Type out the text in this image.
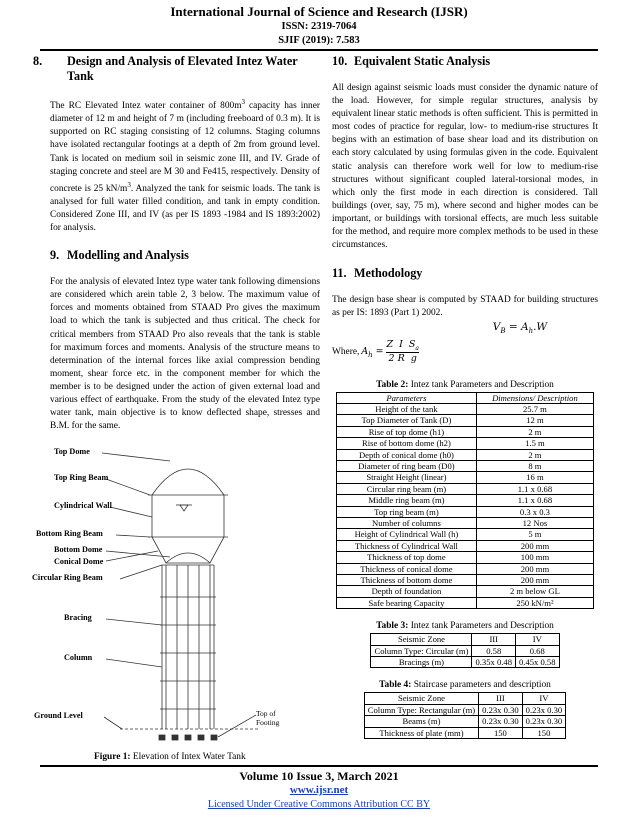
International Journal of Science and Research (IJSR)
ISSN: 2319-7064
SJIF (2019): 7.583
8. Design and Analysis of Elevated Intez Water Tank

The RC Elevated Intez water container of $800m^3$ capacity has inner diameter of 12 m and height of 7 m (including freeboard of 0.3 m). It is supported on RC staging consisting of 12 columns. Staging columns have isolated rectangular footings at a depth of 2m from ground level. Tank is located on medium soil in seismic zone III, and IV. Grade of staging concrete and steel are M 30 and Fe415, respectively. Density of concrete is 25 $kN/m^3$. Analyzed the tank for seismic loads. The tank is analysed for full water filled condition, and tank in empty condition. Considered Zone III, and IV (as per IS 1893 -1984 and IS 1893:2002) for analysis.

9. Modelling and Analysis

For the analysis of elevated Intez type water tank following dimensions are considered which arein table 2, 3 below. The maximum value of forces and moments obtained from STAAD Pro gives the maximum load to which the tank is subjected and thus critical. The check for critical members from STAAD Pro also reveals that the tank is stable for maximum forces and moments. Analysis of the structure means to determination of the internal forces like axial compression bending moment, shear force etc. in the component member for which the member is to be designed under the action of given external load and various effect of earthquake. From the study of the elevated Intez type water tank, main objective is to know deflected shape, stresses and B.M. for the same.

Top Dome
Top Ring Beam
Cylindrical Wall
Bottom Ring Beam
Bottom Dome
Conical Dome
Circular Ring Beam
Bracing
Column
Ground Level	Top of Footing
Figure 1: Elevation of Intex Water Tank
10. Equivalent Static Analysis

All design against seismic loads must consider the dynamic nature of the load. However, for simple regular structures, analysis by equivalent linear static methods is often sufficient. This is permitted in most codes of practice for regular, low- to medium-rise structures It begins with an estimation of base shear load and its distribution on each story calculated by using formulas given in the code. Equivalent static analysis can therefore work well for low to medium-rise structures without significant coupled lateral-torsional modes, in which only the first mode in each direction is considered. Tall buildings (over, say, 75 m), where second and higher modes can be important, or buildings with torsional effects, are much less suitable for the method, and require more complex methods to be used in these circumstances.

11. Methodology

The design base shear is computed by STAAD for building structures as per IS: 1893 (Part 1) 2002.

$V_B = A_h.W$
Where, $A_h = \frac{Z I S_a}{\text{2 R  g}}$

Table 2: Intez tank Parameters and Description

Parameters	Dimensions/ Description
Height of the tank	25.7 m
Top Diameter of Tank (D)	12 m
Rise of top dome (h1)	2 m
Rise of bottom dome (h2)	1.5 m
Depth of conical dome (h0)	2 m
Diameter of ring beam (D0)	8 m
Straight Height (linear)	16 m
Circular ring beam (m)	1.1 x 0.68
Middle ring beam (m)	1.1 x 0.68
Top ring beam (m)	0.3 x 0.3
Number of columns	12 Nos
Height of Cylindrical Wall (h)	5 m
Thickness of Cylindrical Wall	200 mm
Thickness of top dome	100 mm
Thickness of conical dome	200 mm
Thickness of bottom dome	200 mm
Depth of foundation	2 m below GL
Safe bearing Capacity	250 kN/m²

Table 3: Intez tank Parameters and Description

Seismic Zone	III	IV
Column Type: Circular (m)	0.58	0.68
Bracings (m)	0.35x 0.48	0.45x 0.58

Table 4: Staircase parameters and description

Seismic Zone	III	IV
Column Type: Rectangular (m)	0.23x 0.30	0.23x 0.30
Beams (m)	0.23x 0.30	0.23x 0.30
Thickness of plate (mm)	150	150
Volume 10 Issue 3, March 2021
www.ijsr.net
Licensed Under Creative Commons Attribution CC BY
